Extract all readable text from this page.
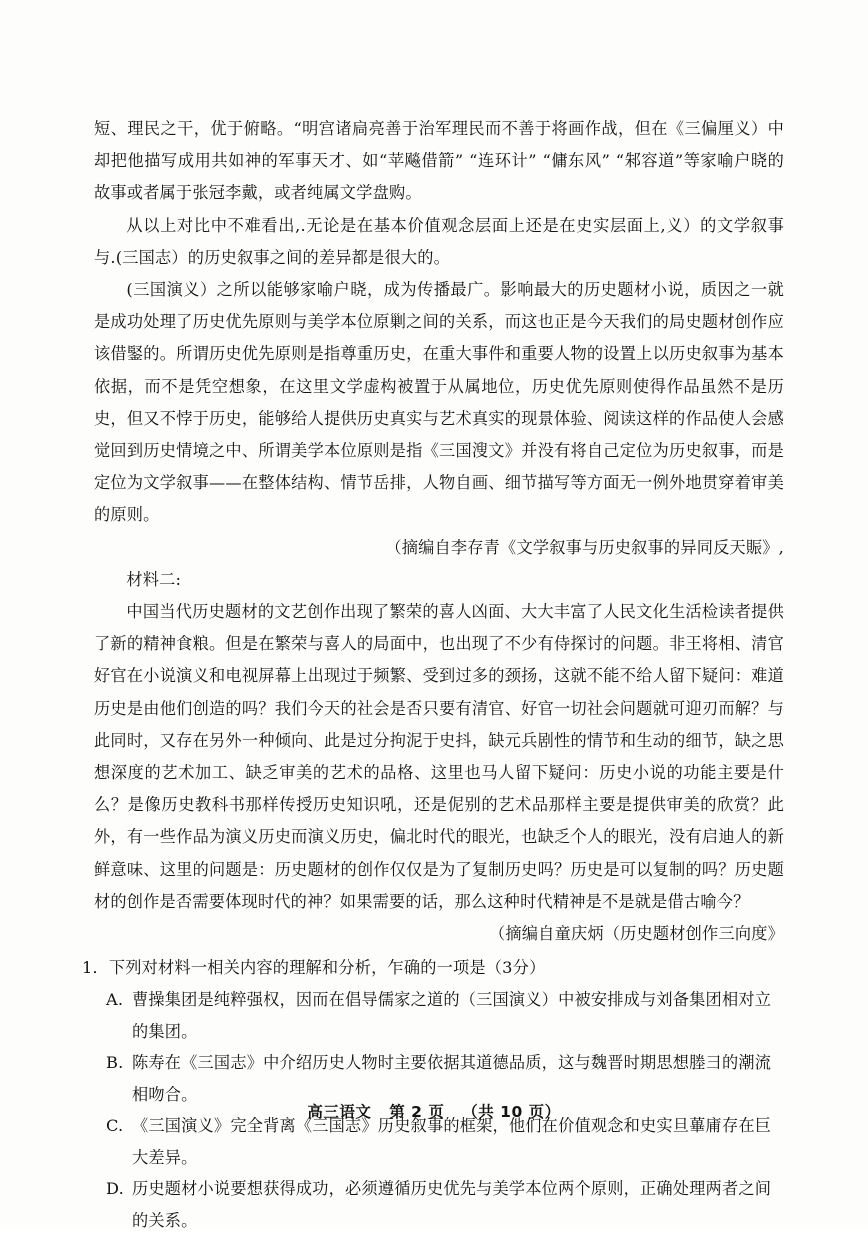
短、理民之干，优于俯略。“明宫诸扃亮善于治军理民而不善于将画作战，但在《三偏厘义）中却把他描写成用共如神的军事天才、如“苹飚借箭” “连环计” “傭东风” “邾容道”等家喻户晓的故事或者属于张冠李戴，或者纯属文学盘购。

从以上对比中不难看出,.无论是在基本价值观念层面上还是在史实层面上,义）的文学叙事与.(三国志）的历史叙事之间的差异都是很大的。

(三国演义）之所以能够家喻户晓，成为传播最广。影响最大的历史题材小说，质因之一就是成功处理了历史优先原则与美学本位原剿之间的关系，而这也正是今天我们的局史题材创作应该借鋻的。所谓历史优先原则是指尊重历史，在重大事件和重要人物的设置上以历史叙事为基本依据，而不是凭空想象，在这里文学虚构被置于从属地位，历史优先原则使得作品虽然不是历史，但又不悖于历史，能够给人提供历史真实与艺术真实的现景体验、阅读这样的作品使人会感觉回到历史情境之中、所谓美学本位原则是指《三国溲文》并没有将自己定位为历史叙事，而是定位为文学叙事——在整体结构、情节岳排，人物自画、细节描写等方面无一例外地贯穿着审美的原则。

（摘编自李存青《文学叙事与历史叙事的异同反天賑》,

材料二:

中国当代历史题材的文艺创作出现了繁荣的喜人凶面、大大丰富了人民文化生活检读者提供了新的精神食粮。但是在繁荣与喜人的局面中，也出现了不少有侍探讨的问题。非王将相、清官好官在小说演义和电视屏幕上出现过于频繁、受到过多的颈扬，这就不能不给人留下疑问：难道历史是由他们创造的吗？我们今天的社会是否只要有清官、好官一切社会问题就可迎刃而解？与此同时，又存在另外一种倾向、此是过分拘泥于史抖，缺元兵剧性的情节和生动的细节，缺之思想深度的艺术加工、缺乏审美的艺术的品格、这里也马人留下疑问：历史小说的功能主要是什么？是像历史教科书那样传授历史知识吼，还是伲别的艺术品那样主要是提供审美的欣赏？此外，有一些作品为演义历史而演义历史，偏北时代的眼光，也缺乏个人的眼光，没有启迪人的新鲜意味、这里的问题是：历史题材的创作仅仅是为了复制历史吗？历史是可以复制的吗？历史题材的创作是否需要体现时代的神？如果需要的话，那么这种时代精神是不是就是借古喻今？

（摘编自童庆炳（历史题材创作三向度》

1．下列对材料一相关内容的理解和分析，乍确的一项是（3分）

A. 曹操集团是纯粹强权，因而在倡导儒家之道的（三国演义）中被安排成与刘备集团相对立的集团。
B. 陈寿在《三国志》中介绍历史人物时主要依据其道德品质，这与魏晋时期思想塍彐的潮流相吻合。
C. 《三国演义》完全背离《三国志》历史叙事的框架，他们在价值观念和史实旦蓽庯存在巨大差异。
D. 历史题材小说要想获得成功，必须遵循历史优先与美学本位两个原则，正确处理两者之间的关系。
高三语文 第 2 页 （共 10 页）
